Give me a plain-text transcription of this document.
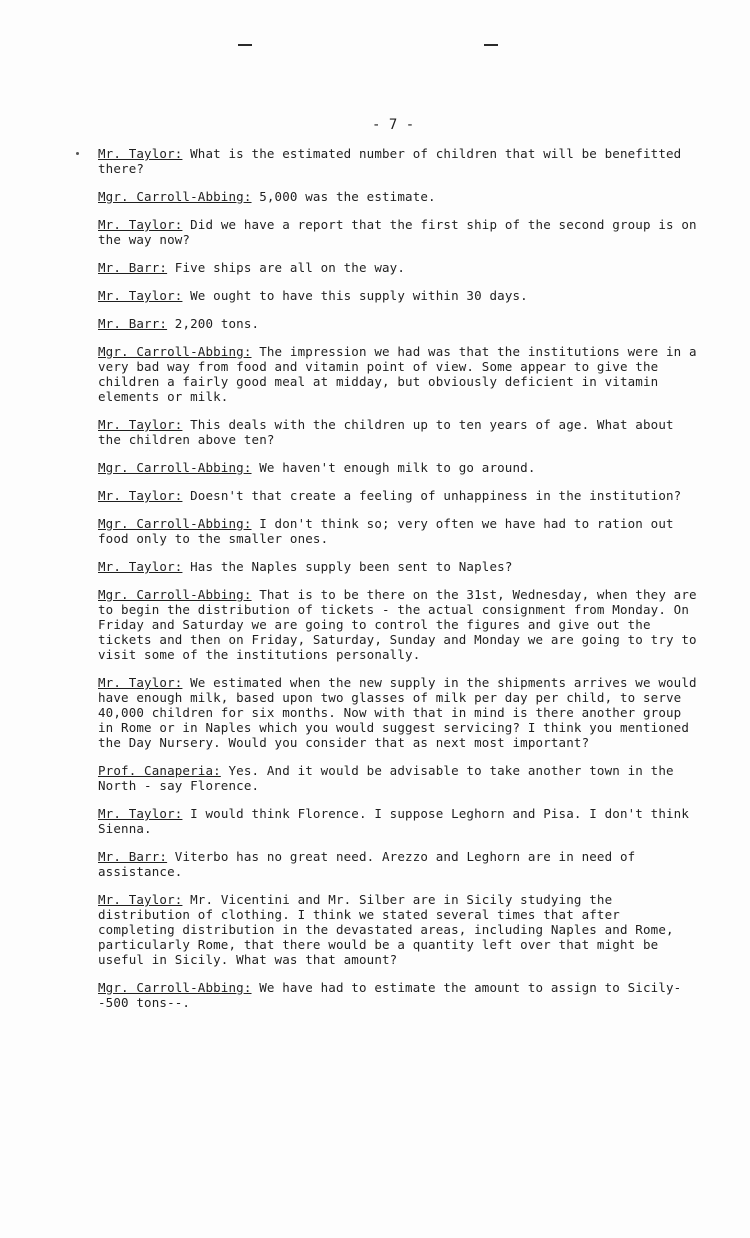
- 7 -

Mr. Taylor: What is the estimated number of children that will be benefitted there?

Mgr. Carroll-Abbing: 5,000 was the estimate.

Mr. Taylor: Did we have a report that the first ship of the second group is on the way now?

Mr. Barr: Five ships are all on the way.

Mr. Taylor: We ought to have this supply within 30 days.

Mr. Barr: 2,200 tons.

Mgr. Carroll-Abbing: The impression we had was that the institutions were in a very bad way from food and vitamin point of view. Some appear to give the children a fairly good meal at midday, but obviously deficient in vitamin elements or milk.

Mr. Taylor: This deals with the children up to ten years of age. What about the children above ten?

Mgr. Carroll-Abbing: We haven't enough milk to go around.

Mr. Taylor: Doesn't that create a feeling of unhappiness in the institution?

Mgr. Carroll-Abbing: I don't think so; very often we have had to ration out food only to the smaller ones.

Mr. Taylor: Has the Naples supply been sent to Naples?

Mgr. Carroll-Abbing: That is to be there on the 31st, Wednesday, when they are to begin the distribution of tickets - the actual consignment from Monday. On Friday and Saturday we are going to control the figures and give out the tickets and then on Friday, Saturday, Sunday and Monday we are going to try to visit some of the institutions personally.

Mr. Taylor: We estimated when the new supply in the shipments arrives we would have enough milk, based upon two glasses of milk per day per child, to serve 40,000 children for six months. Now with that in mind is there another group in Rome or in Naples which you would suggest servicing? I think you mentioned the Day Nursery. Would you consider that as next most important?

Prof. Canaperia: Yes. And it would be advisable to take another town in the North - say Florence.

Mr. Taylor: I would think Florence. I suppose Leghorn and Pisa. I don't think Sienna.

Mr. Barr: Viterbo has no great need. Arezzo and Leghorn are in need of assistance.

Mr. Taylor: Mr. Vicentini and Mr. Silber are in Sicily studying the distribution of clothing. I think we stated several times that after completing distribution in the devastated areas, including Naples and Rome, particularly Rome, that there would be a quantity left over that might be useful in Sicily. What was that amount?

Mgr. Carroll-Abbing: We have had to estimate the amount to assign to Sicily--500 tons--.
